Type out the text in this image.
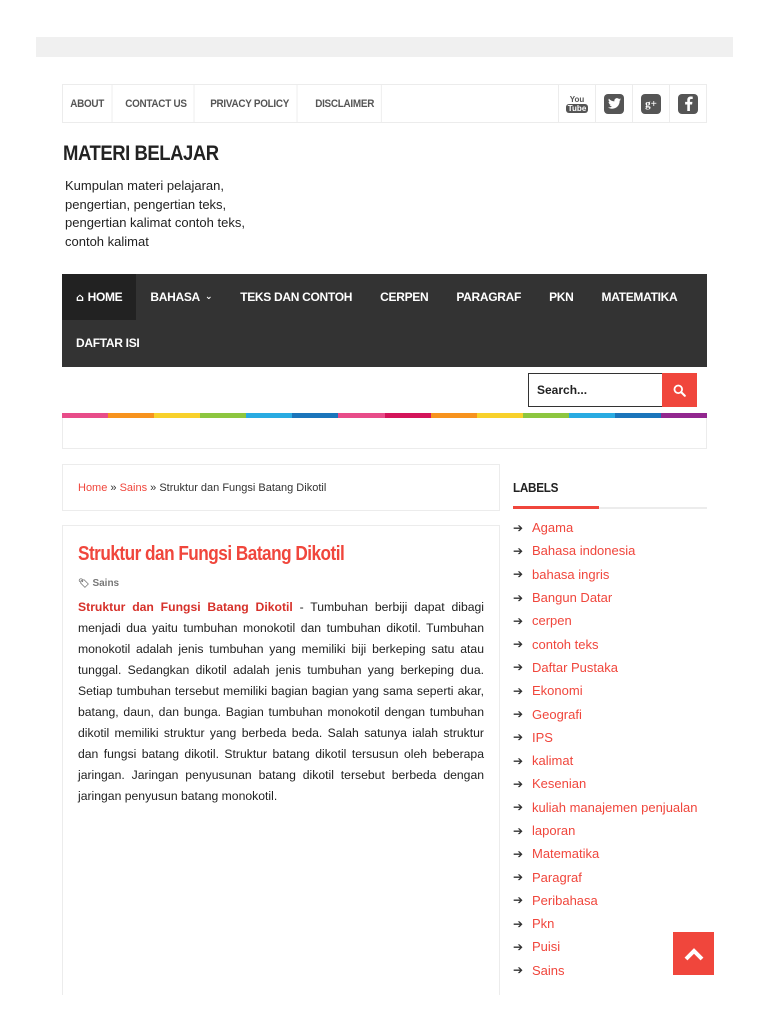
ABOUT	CONTACT US	PRIVACY POLICY	DISCLAIMER	You
Tube	g+
MATERI BELAJAR
Kumpulan materi pelajaran, pengertian, pengertian teks, pengertian kalimat contoh teks, contoh kalimat
⌂ HOME BAHASA ⌄	TEKS DAN CONTOH	CERPEN	PARAGRAF	PKN	MATEMATIKA
DAFTAR ISI
Search...
Home » Sains » Struktur dan Fungsi Batang Dikotil
Struktur dan Fungsi Batang Dikotil
🏷 Sains

Struktur dan Fungsi Batang Dikotil - Tumbuhan berbiji dapat dibagi menjadi dua yaitu tumbuhan monokotil dan tumbuhan dikotil. Tumbuhan monokotil adalah jenis tumbuhan yang memiliki biji berkeping satu atau tunggal. Sedangkan dikotil adalah jenis tumbuhan yang berkeping dua. Setiap tumbuhan tersebut memiliki bagian bagian yang sama seperti akar, batang, daun, dan bunga. Bagian tumbuhan monokotil dengan tumbuhan dikotil memiliki struktur yang berbeda beda. Salah satunya ialah struktur dan fungsi batang dikotil. Struktur batang dikotil tersusun oleh beberapa jaringan. Jaringan penyusunan batang dikotil tersebut berbeda dengan jaringan penyusun batang monokotil.

LABELS
➔ Agama
➔ Bahasa indonesia
➔ bahasa ingris
➔ Bangun Datar
➔ cerpen
➔ contoh teks
➔ Daftar Pustaka
➔ Ekonomi
➔ Geografi
➔ IPS
➔ kalimat
➔ Kesenian
➔ kuliah manajemen penjualan
➔ laporan
➔ Matematika
➔ Paragraf
➔ Peribahasa
➔ Pkn
➔ Puisi
➔ Sains
